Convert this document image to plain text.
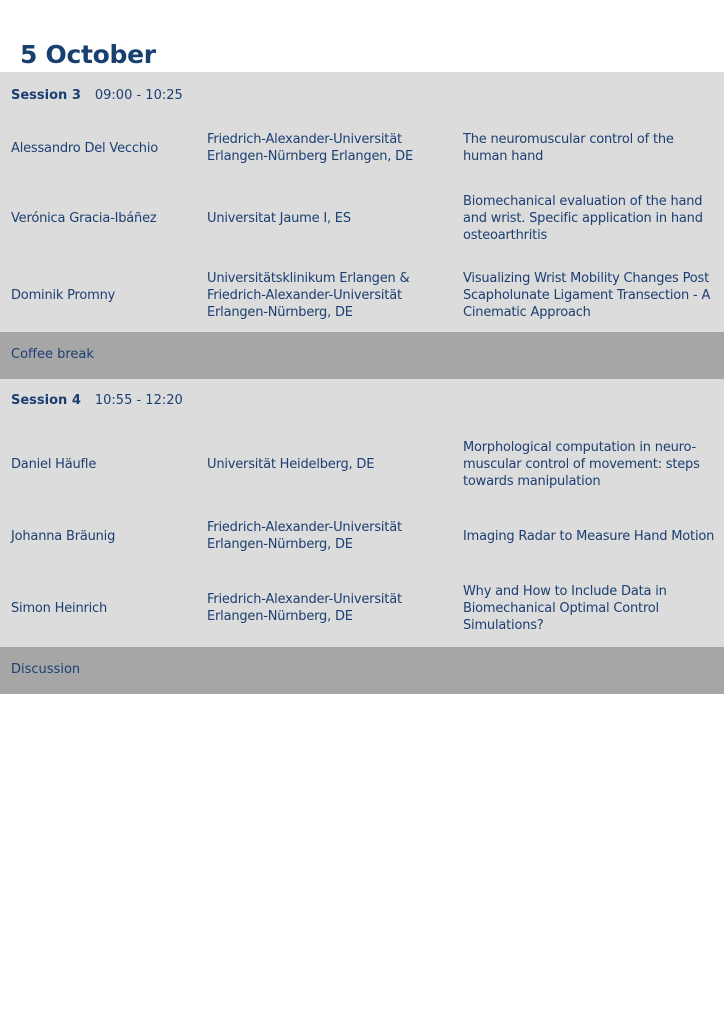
5 October
Session 3 09:00 - 10:25
Alessandro Del Vecchio
Friedrich-Alexander-Universität Erlangen-Nürnberg Erlangen, DE
The neuromuscular control of the human hand
Verónica Gracia-Ibáñez	Universitat Jaume I, ES
Biomechanical evaluation of the hand and wrist. Specific application in hand osteoarthritis
Dominik Promny
Universitätsklinikum Erlangen & Friedrich-Alexander-Universität Erlangen-Nürnberg, DE
Visualizing Wrist Mobility Changes Post Scapholunate Ligament Transection - A Cinematic Approach
Coffee break
Session 4 10:55 - 12:20
Daniel Häufle	Universität Heidelberg, DE
Morphological computation in neuro-muscular control of movement: steps towards manipulation
Johanna Bräunig
Friedrich-Alexander-Universität Erlangen-Nürnberg, DE
Imaging Radar to Measure Hand Motion
Simon Heinrich
Friedrich-Alexander-Universität Erlangen-Nürnberg, DE
Why and How to Include Data in Biomechanical Optimal Control Simulations?
Discussion
